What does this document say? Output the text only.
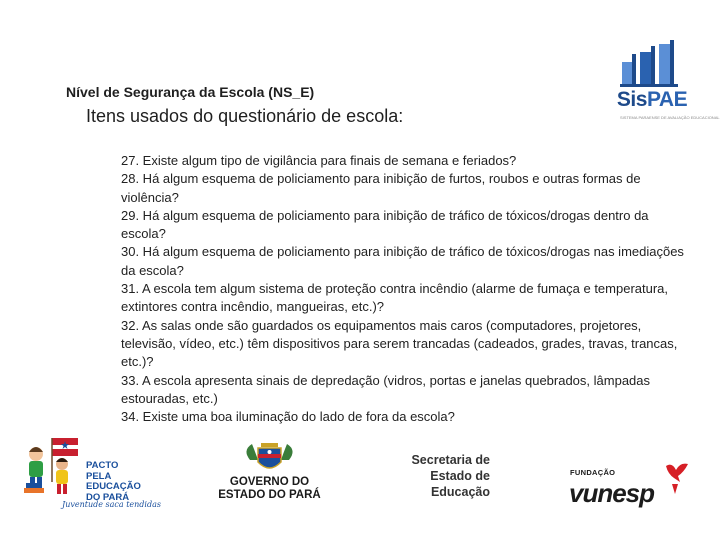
Nível de Segurança da Escola (NS_E)
Itens usados do questionário de escola:
SisPAE
SISTEMA PARAENSE DE AVALIAÇÃO EDUCACIONAL

27. Existe algum tipo de vigilância para finais de semana e feriados?

28. Há algum esquema de policiamento para inibição de furtos, roubos e outras formas de violência?

29. Há algum esquema de policiamento para inibição de tráfico de tóxicos/drogas dentro da escola?

30. Há algum esquema de policiamento para inibição de tráfico de tóxicos/drogas nas imediações da escola?

31. A escola tem algum sistema de proteção contra incêndio (alarme de fumaça e temperatura, extintores contra incêndio, mangueiras, etc.)?

32. As salas onde são guardados os equipamentos mais caros (computadores, projetores, televisão, vídeo, etc.) têm dispositivos para serem trancadas (cadeados, grades, travas, trancas, etc.)?

33. A escola apresenta sinais de depredação (vidros, portas e janelas quebrados, lâmpadas estouradas, etc.)

34. Existe uma boa iluminação do lado de fora da escola?

PACTO PELA
EDUCAÇÃO
DO PARÁ
Juventude saca tendidas
GOVERNO DO
ESTADO DO PARÁ
Secretaria de
Estado de
Educação
FUNDAÇÃO
vunesp
